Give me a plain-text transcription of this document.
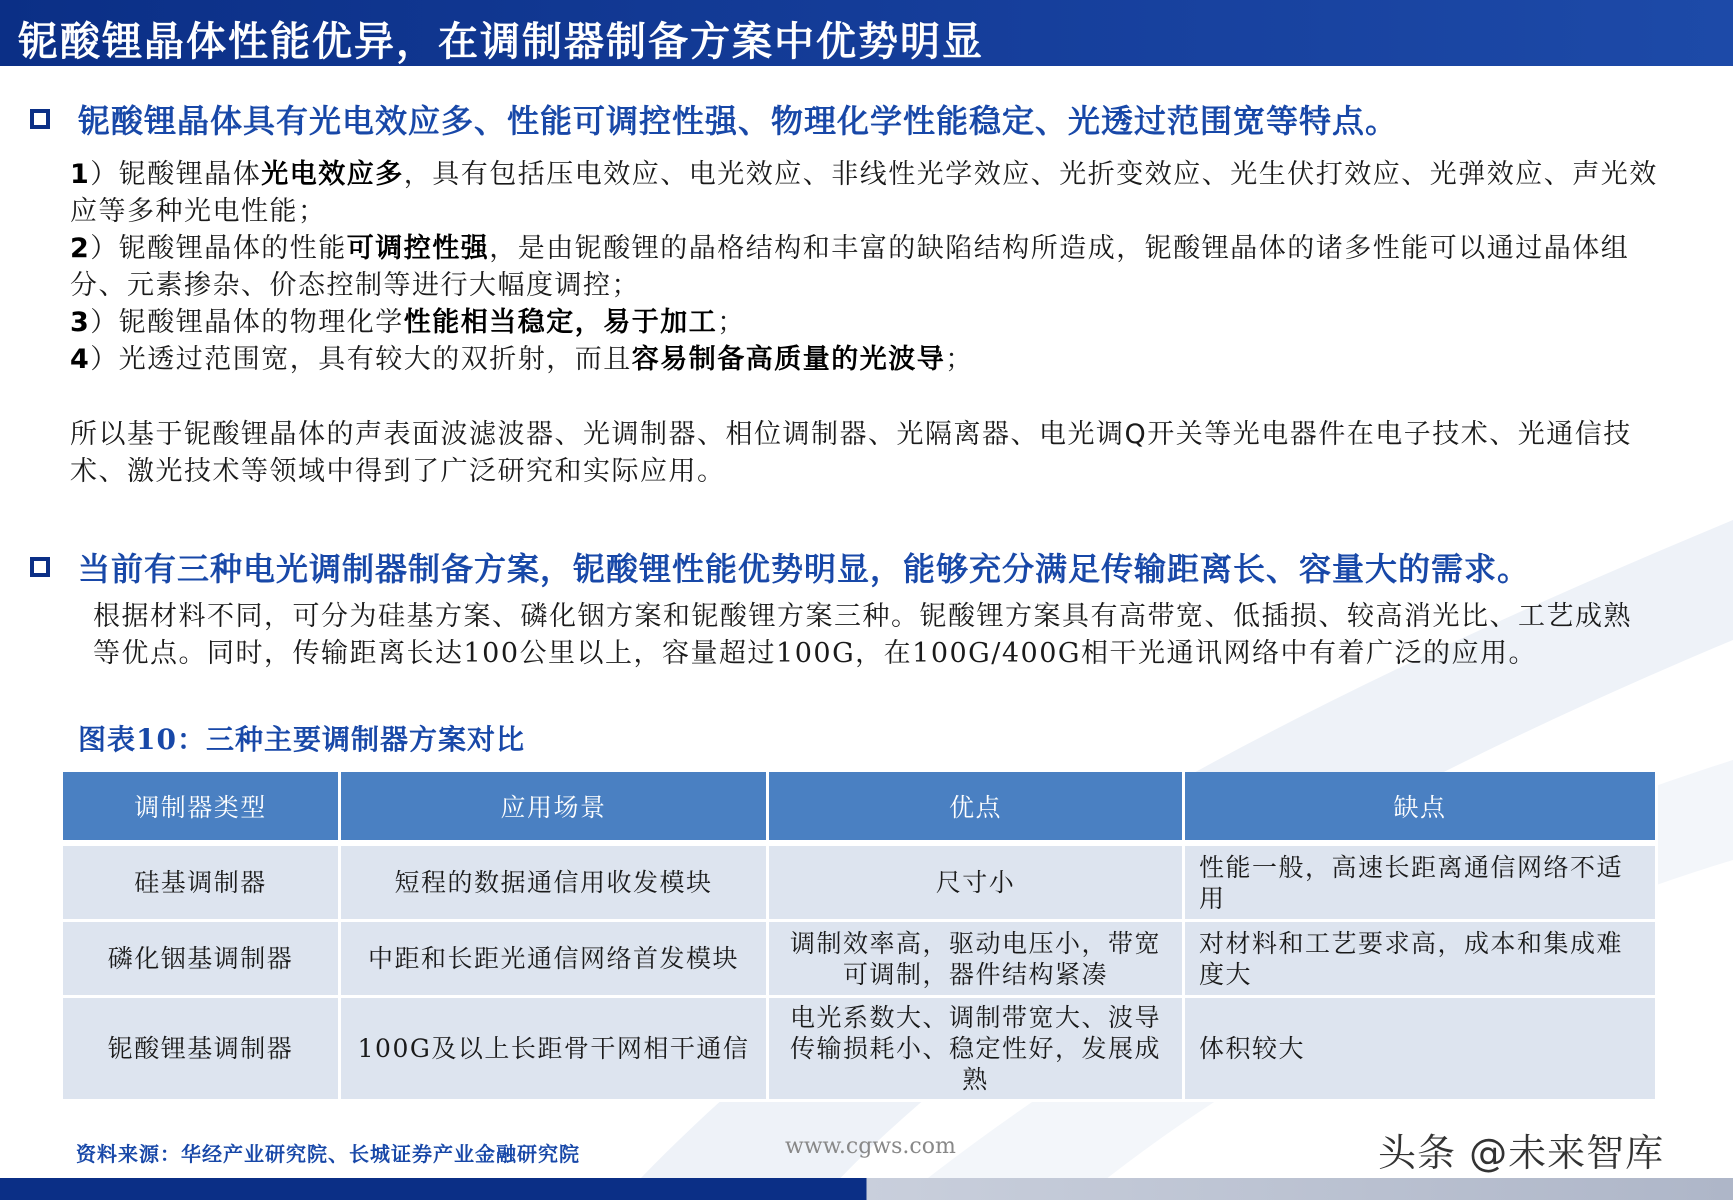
铌酸锂晶体性能优异，在调制器制备方案中优势明显
铌酸锂晶体具有光电效应多、性能可调控性强、物理化学性能稳定、光透过范围宽等特点。
1）铌酸锂晶体光电效应多，具有包括压电效应、电光效应、非线性光学效应、光折变效应、光生伏打效应、光弹效应、声光效应等多种光电性能；
2）铌酸锂晶体的性能可调控性强，是由铌酸锂的晶格结构和丰富的缺陷结构所造成，铌酸锂晶体的诸多性能可以通过晶体组分、元素掺杂、价态控制等进行大幅度调控；
3）铌酸锂晶体的物理化学性能相当稳定，易于加工；
4）光透过范围宽，具有较大的双折射，而且容易制备高质量的光波导；
所以基于铌酸锂晶体的声表面波滤波器、光调制器、相位调制器、光隔离器、电光调Q开关等光电器件在电子技术、光通信技术、激光技术等领域中得到了广泛研究和实际应用。
当前有三种电光调制器制备方案，铌酸锂性能优势明显，能够充分满足传输距离长、容量大的需求。
根据材料不同，可分为硅基方案、磷化铟方案和铌酸锂方案三种。铌酸锂方案具有高带宽、低插损、较高消光比、工艺成熟等优点。同时，传输距离长达100公里以上，容量超过100G，在100G/400G相干光通讯网络中有着广泛的应用。
图表10：三种主要调制器方案对比
调制器类型	应用场景	优点	缺点
硅基调制器	短程的数据通信用收发模块	尺寸小	性能一般，高速长距离通信网络不适用
磷化铟基调制器	中距和长距光通信网络首发模块	调制效率高，驱动电压小，带宽可调制，器件结构紧凑	对材料和工艺要求高，成本和集成难度大
铌酸锂基调制器	100G及以上长距骨干网相干通信	电光系数大、调制带宽大、波导传输损耗小、稳定性好，发展成熟	体积较大
资料来源：华经产业研究院、长城证券产业金融研究院	www.cgws.com	头条 @未来智库
